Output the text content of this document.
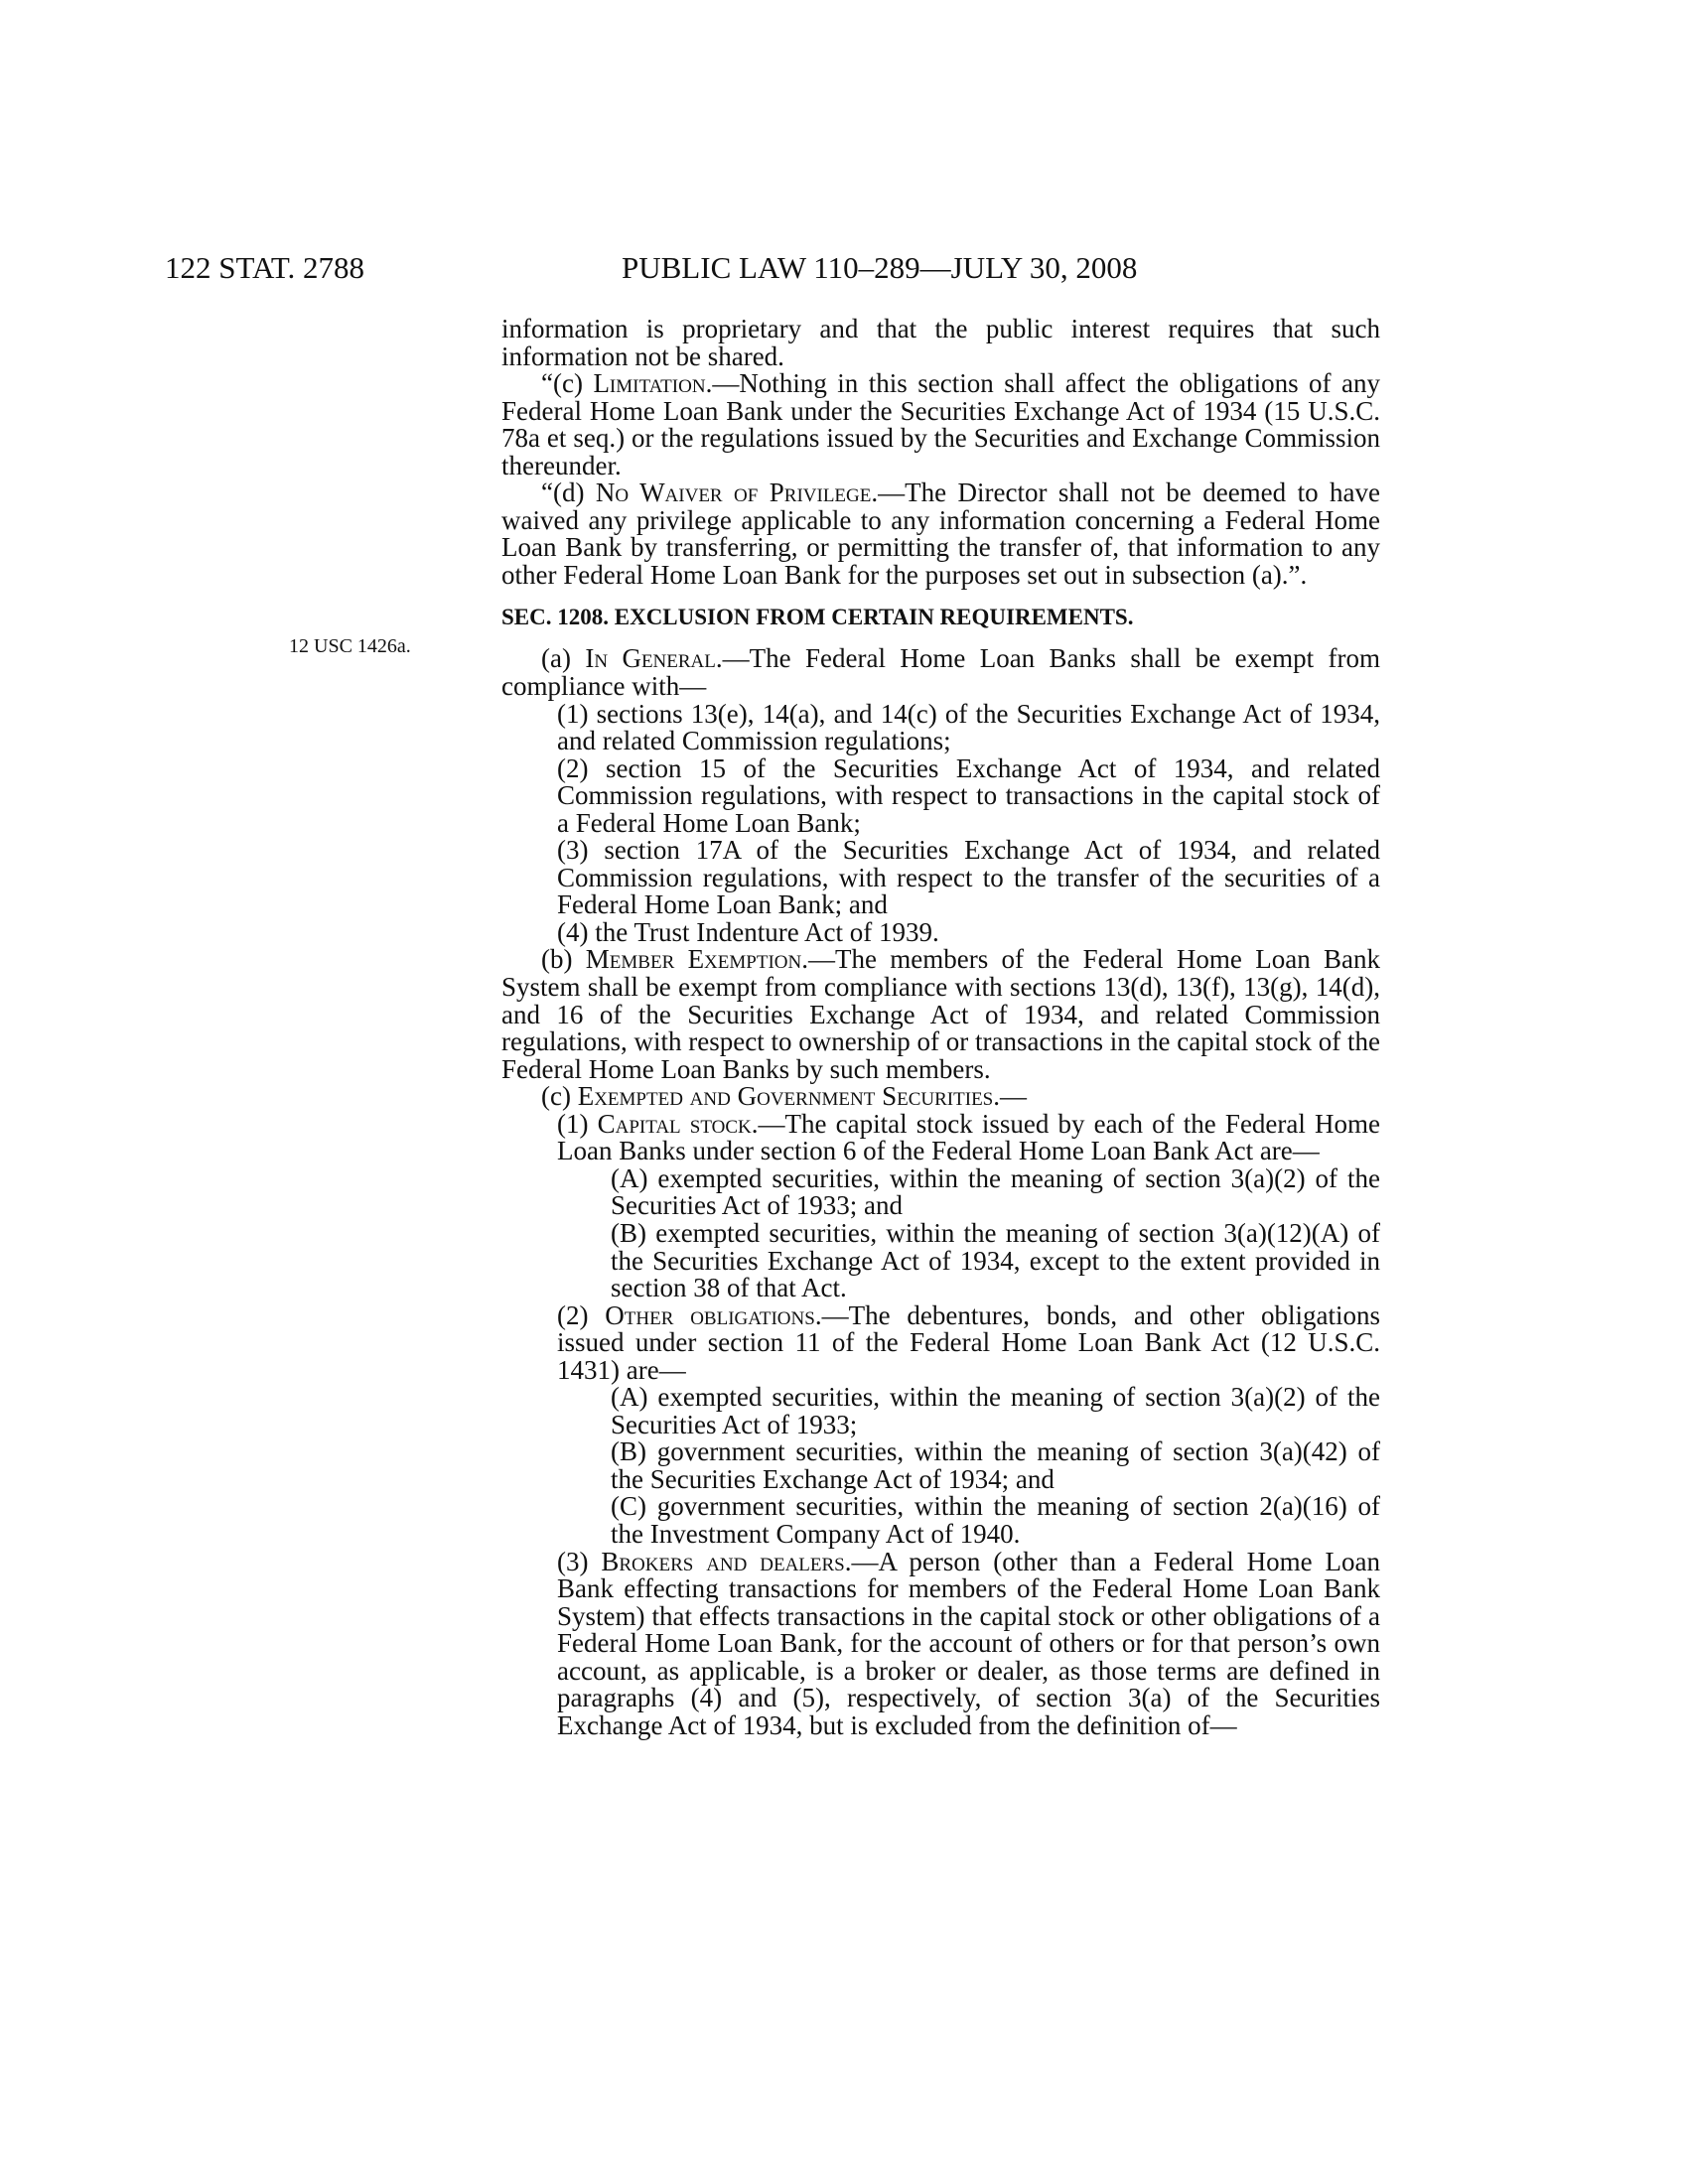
122 STAT. 2788	PUBLIC LAW 110–289—JULY 30, 2008
12 USC 1426a.

information is proprietary and that the public interest requires that such information not be shared.

“(c) Limitation.—Nothing in this section shall affect the obligations of any Federal Home Loan Bank under the Securities Exchange Act of 1934 (15 U.S.C. 78a et seq.) or the regulations issued by the Securities and Exchange Commission thereunder.

“(d) No Waiver of Privilege.—The Director shall not be deemed to have waived any privilege applicable to any information concerning a Federal Home Loan Bank by transferring, or permitting the transfer of, that information to any other Federal Home Loan Bank for the purposes set out in subsection (a).”.

SEC. 1208. EXCLUSION FROM CERTAIN REQUIREMENTS.

(a) In General.—The Federal Home Loan Banks shall be exempt from compliance with—

(1) sections 13(e), 14(a), and 14(c) of the Securities Exchange Act of 1934, and related Commission regulations;

(2) section 15 of the Securities Exchange Act of 1934, and related Commission regulations, with respect to transactions in the capital stock of a Federal Home Loan Bank;

(3) section 17A of the Securities Exchange Act of 1934, and related Commission regulations, with respect to the transfer of the securities of a Federal Home Loan Bank; and

(4) the Trust Indenture Act of 1939.

(b) Member Exemption.—The members of the Federal Home Loan Bank System shall be exempt from compliance with sections 13(d), 13(f), 13(g), 14(d), and 16 of the Securities Exchange Act of 1934, and related Commission regulations, with respect to ownership of or transactions in the capital stock of the Federal Home Loan Banks by such members.

(c) Exempted and Government Securities.—

(1) Capital stock.—The capital stock issued by each of the Federal Home Loan Banks under section 6 of the Federal Home Loan Bank Act are—

(A) exempted securities, within the meaning of section 3(a)(2) of the Securities Act of 1933; and

(B) exempted securities, within the meaning of section 3(a)(12)(A) of the Securities Exchange Act of 1934, except to the extent provided in section 38 of that Act.

(2) Other obligations.—The debentures, bonds, and other obligations issued under section 11 of the Federal Home Loan Bank Act (12 U.S.C. 1431) are—

(A) exempted securities, within the meaning of section 3(a)(2) of the Securities Act of 1933;

(B) government securities, within the meaning of section 3(a)(42) of the Securities Exchange Act of 1934; and

(C) government securities, within the meaning of section 2(a)(16) of the Investment Company Act of 1940.

(3) Brokers and dealers.—A person (other than a Federal Home Loan Bank effecting transactions for members of the Federal Home Loan Bank System) that effects transactions in the capital stock or other obligations of a Federal Home Loan Bank, for the account of others or for that person’s own account, as applicable, is a broker or dealer, as those terms are defined in paragraphs (4) and (5), respectively, of section 3(a) of the Securities Exchange Act of 1934, but is excluded from the definition of—
